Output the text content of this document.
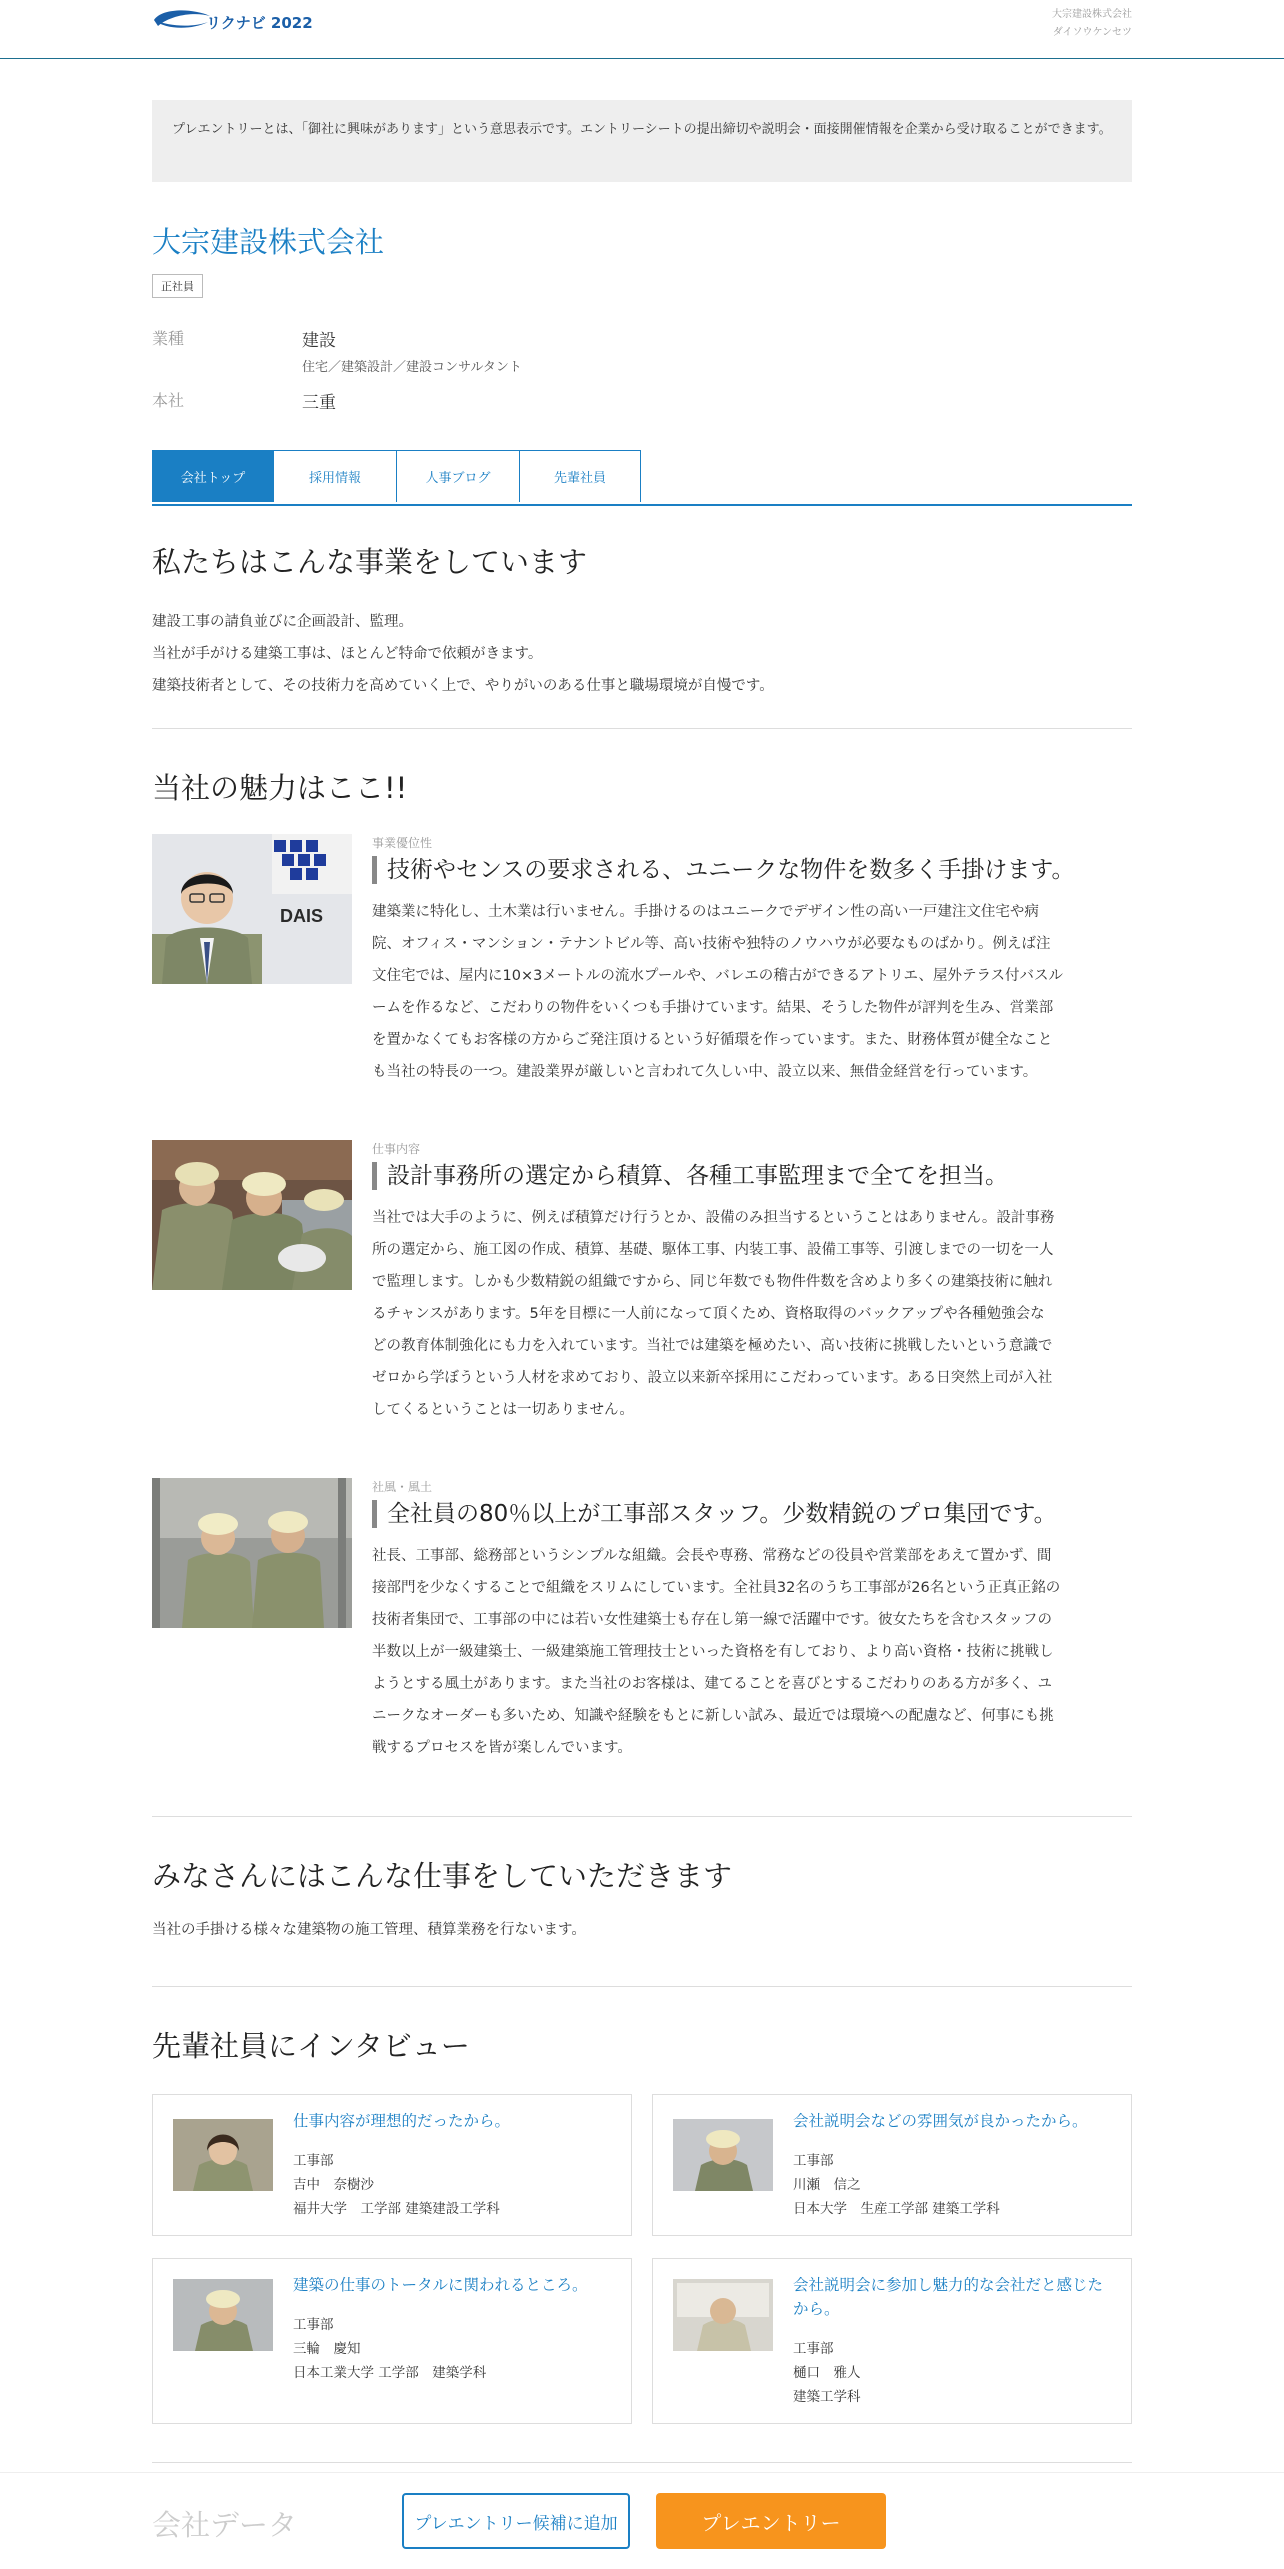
リクナビ 2022	大宗建設株式会社
ダイソウケンセツ
プレエントリーとは、「御社に興味があります」という意思表示です。エントリーシートの提出締切や説明会・面接開催情報を企業から受け取ることができます。
大宗建設株式会社
正社員
業種	建設
住宅／建築設計／建設コンサルタント
本社	三重
会社トップ	採用情報	人事ブログ	先輩社員
私たちはこんな事業をしています
建設工事の請負並びに企画設計、監理。
当社が手がける建築工事は、ほとんど特命で依頼がきます。
建築技術者として、その技術力を高めていく上で、やりがいのある仕事と職場環境が自慢です。
当社の魅力はここ!!
DAIS
事業優位性
技術やセンスの要求される、ユニークな物件を数多く手掛けます。
建築業に特化し、土木業は行いません。手掛けるのはユニークでデザイン性の高い一戸建注文住宅や病
院、オフィス・マンション・テナントビル等、高い技術や独特のノウハウが必要なものばかり。例えば注
文住宅では、屋内に10×3メートルの流水プールや、バレエの稽古ができるアトリエ、屋外テラス付バスル
ームを作るなど、こだわりの物件をいくつも手掛けています。結果、そうした物件が評判を生み、営業部
を置かなくてもお客様の方からご発注頂けるという好循環を作っています。また、財務体質が健全なこと
も当社の特長の一つ。建設業界が厳しいと言われて久しい中、設立以来、無借金経営を行っています。
仕事内容
設計事務所の選定から積算、各種工事監理まで全てを担当。
当社では大手のように、例えば積算だけ行うとか、設備のみ担当するということはありません。設計事務
所の選定から、施工図の作成、積算、基礎、駆体工事、内装工事、設備工事等、引渡しまでの一切を一人
で監理します。しかも少数精鋭の組織ですから、同じ年数でも物件件数を含めより多くの建築技術に触れ
るチャンスがあります。5年を目標に一人前になって頂くため、資格取得のバックアップや各種勉強会な
どの教育体制強化にも力を入れています。当社では建築を極めたい、高い技術に挑戦したいという意識で
ゼロから学ぼうという人材を求めており、設立以来新卒採用にこだわっています。ある日突然上司が入社
してくるということは一切ありません。
社風・風土
全社員の80％以上が工事部スタッフ。少数精鋭のプロ集団です。
社長、工事部、総務部というシンプルな組織。会長や専務、常務などの役員や営業部をあえて置かず、間
接部門を少なくすることで組織をスリムにしています。全社員32名のうち工事部が26名という正真正銘の
技術者集団で、工事部の中には若い女性建築士も存在し第一線で活躍中です。彼女たちを含むスタッフの
半数以上が一級建築士、一級建築施工管理技士といった資格を有しており、より高い資格・技術に挑戦し
ようとする風土があります。また当社のお客様は、建てることを喜びとするこだわりのある方が多く、ユ
ニークなオーダーも多いため、知識や経験をもとに新しい試み、最近では環境への配慮など、何事にも挑
戦するプロセスを皆が楽しんでいます。
みなさんにはこんな仕事をしていただきます
当社の手掛ける様々な建築物の施工管理、積算業務を行ないます。
先輩社員にインタビュー
仕事内容が理想的だったから。
工事部
吉中　奈樹沙
福井大学　工学部 建築建設工学科
会社説明会などの雰囲気が良かったから。
工事部
川瀬　信之
日本大学　生産工学部 建築工学科
建築の仕事のトータルに関われるところ。
工事部
三輪　慶知
日本工業大学 工学部　建築学科
会社説明会に参加し魅力的な会社だと感じたから。
工事部
樋口　雅人
建築工学科
会社データ	プレエントリー候補に追加	プレエントリー
